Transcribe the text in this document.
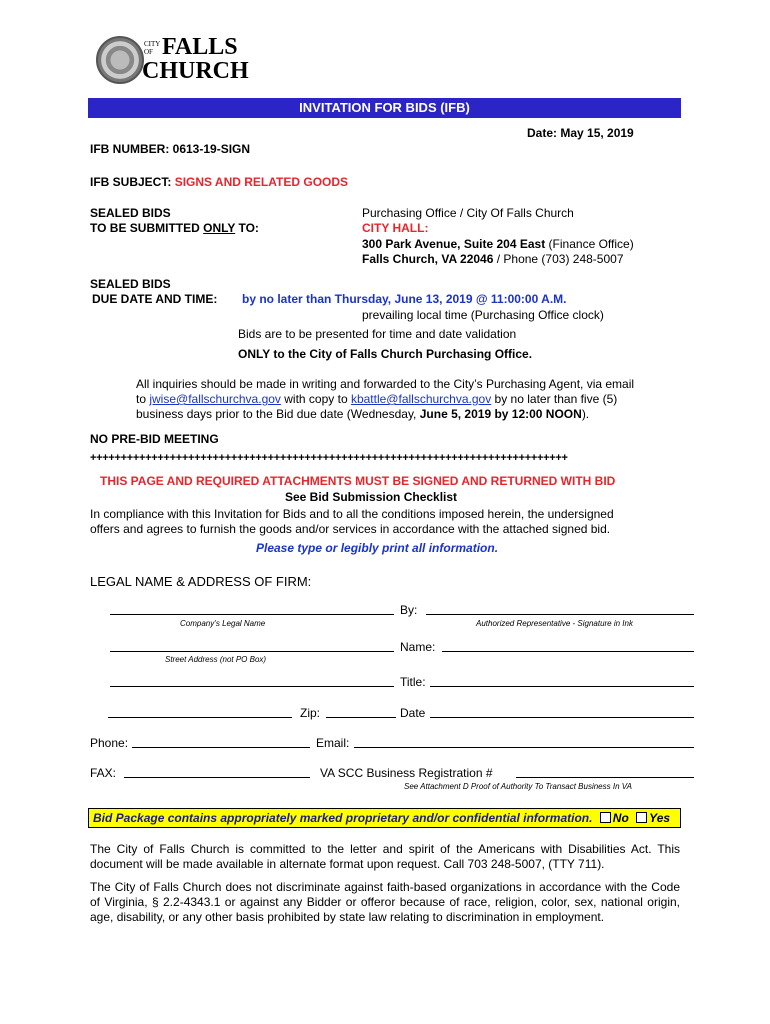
CITY OF FALLS
CHURCH
INVITATION FOR BIDS (IFB)
Date: May 15, 2019
IFB NUMBER: 0613-19-SIGN
IFB SUBJECT: SIGNS AND RELATED GOODS
SEALED BIDS
TO BE SUBMITTED ONLY TO:
Purchasing Office / City Of Falls Church
CITY HALL:
300 Park Avenue, Suite 204 East (Finance Office)
Falls Church, VA 22046 / Phone (703) 248-5007
SEALED BIDS
DUE DATE AND TIME: by no later than Thursday, June 13, 2019 @ 11:00:00 A.M.
prevailing local time (Purchasing Office clock)
Bids are to be presented for time and date validation
ONLY to the City of Falls Church Purchasing Office.
All inquiries should be made in writing and forwarded to the City’s Purchasing Agent, via email
to jwise@fallschurchva.gov with copy to kbattle@fallschurchva.gov by no later than five (5)
business days prior to the Bid due date (Wednesday, June 5, 2019 by 12:00 NOON).
NO PRE-BID MEETING
++++++++++++++++++++++++++++++++++++++++++++++++++++++++++++++++++++++++++++++
THIS PAGE AND REQUIRED ATTACHMENTS MUST BE SIGNED AND RETURNED WITH BID
See Bid Submission Checklist
In compliance with this Invitation for Bids and to all the conditions imposed herein, the undersigned
offers and agrees to furnish the goods and/or services in accordance with the attached signed bid.
Please type or legibly print all information.
LEGAL NAME & ADDRESS OF FIRM:
By:
Company’s Legal Name	Authorized Representative - Signature in Ink
Name:
Street Address (not PO Box)
Title:
Zip:	Date
Phone:	Email:
FAX:	VA SCC Business Registration #
See Attachment D Proof of Authority To Transact Business In VA
Bid Package contains appropriately marked proprietary and/or confidential information. No Yes
The City of Falls Church is committed to the letter and spirit of the Americans with Disabilities Act. This document will be made available in alternate format upon request. Call 703 248-5007, (TTY 711).
The City of Falls Church does not discriminate against faith-based organizations in accordance with the Code of Virginia, § 2.2-4343.1 or against any Bidder or offeror because of race, religion, color, sex, national origin, age, disability, or any other basis prohibited by state law relating to discrimination in employment.
